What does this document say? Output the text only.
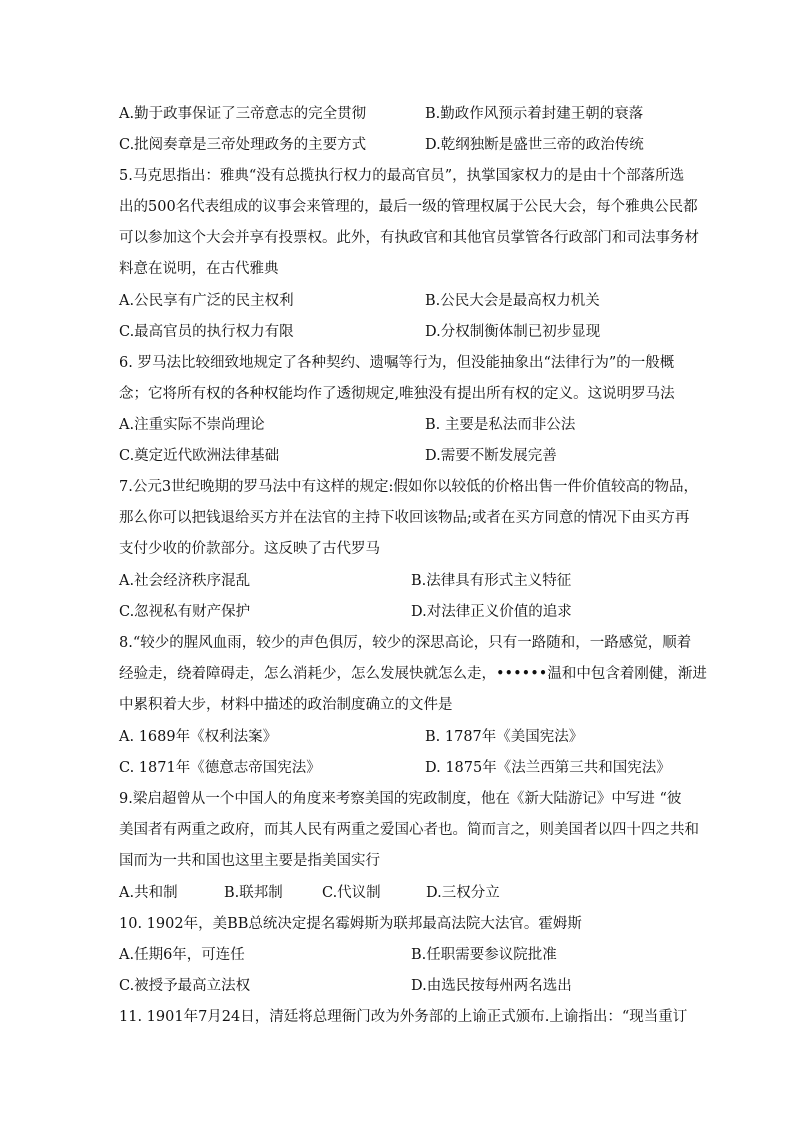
A.勤于政事保证了三帝意志的完全贯彻	B.勤政作风预示着封建王朝的衰落
C.批阅奏章是三帝处理政务的主要方式	D.乾纲独断是盛世三帝的政治传统
5.马克思指出：雅典“没有总揽执行权力的最高官员”，执掌国家权力的是由十个部落所选
出的500名代表组成的议事会来管理的，最后一级的管理权属于公民大会，每个雅典公民都
可以参加这个大会并享有投票权。此外，有执政官和其他官员掌管各行政部门和司法事务材
料意在说明，在古代雅典
A.公民享有广泛的民主权利	B.公民大会是最高权力机关
C.最高官员的执行权力有限	D.分权制衡体制已初步显现
6. 罗马法比较细致地规定了各种契约、遗嘱等行为，但没能抽象出“法律行为”的一般概
念；它将所有权的各种权能均作了透彻规定,唯独没有提出所有权的定义。这说明罗马法
A.注重实际不崇尚理论	B. 主要是私法而非公法
C.奠定近代欧洲法律基础	D.需要不断发展完善
7.公元3世纪晚期的罗马法中有这样的规定:假如你以较低的价格出售一件价值较高的物品，
那么你可以把钱退给买方并在法官的主持下收回该物品;或者在买方同意的情况下由买方再
支付少收的价款部分。这反映了古代罗马
A.社会经济秩序混乱	B.法律具有形式主义特征
C.忽视私有财产保护	D.对法律正义价值的追求
8.“较少的腥风血雨，较少的声色俱厉，较少的深思高论，只有一路随和，一路感觉，顺着
经验走，绕着障碍走，怎么消耗少，怎么发展快就怎么走，••••••温和中包含着刚健，渐进
中累积着大步，材料中描述的政治制度确立的文件是
A. 1689年《权利法案》	B. 1787年《美国宪法》
C. 1871年《德意志帝国宪法》	D. 1875年《法兰西第三共和国宪法》
9.梁启超曾从一个中国人的角度来考察美国的宪政制度，他在《新大陆游记》中写进 “彼
美国者有两重之政府，而其人民有两重之爱国心者也。简而言之，则美国者以四十四之共和
国而为一共和国也这里主要是指美国实行
A.共和制	B.联邦制	C.代议制	D.三权分立
10. 1902年，美BB总统决定提名霉姆斯为联邦最高法院大法官。霍姆斯
A.任期6年，可连任	B.任职需要参议院批准
C.被授予最高立法权	D.由选民按每州两名选出
11. 1901年7月24日，清廷将总理衙门改为外务部的上谕正式颁布.上谕指出：“现当重订
